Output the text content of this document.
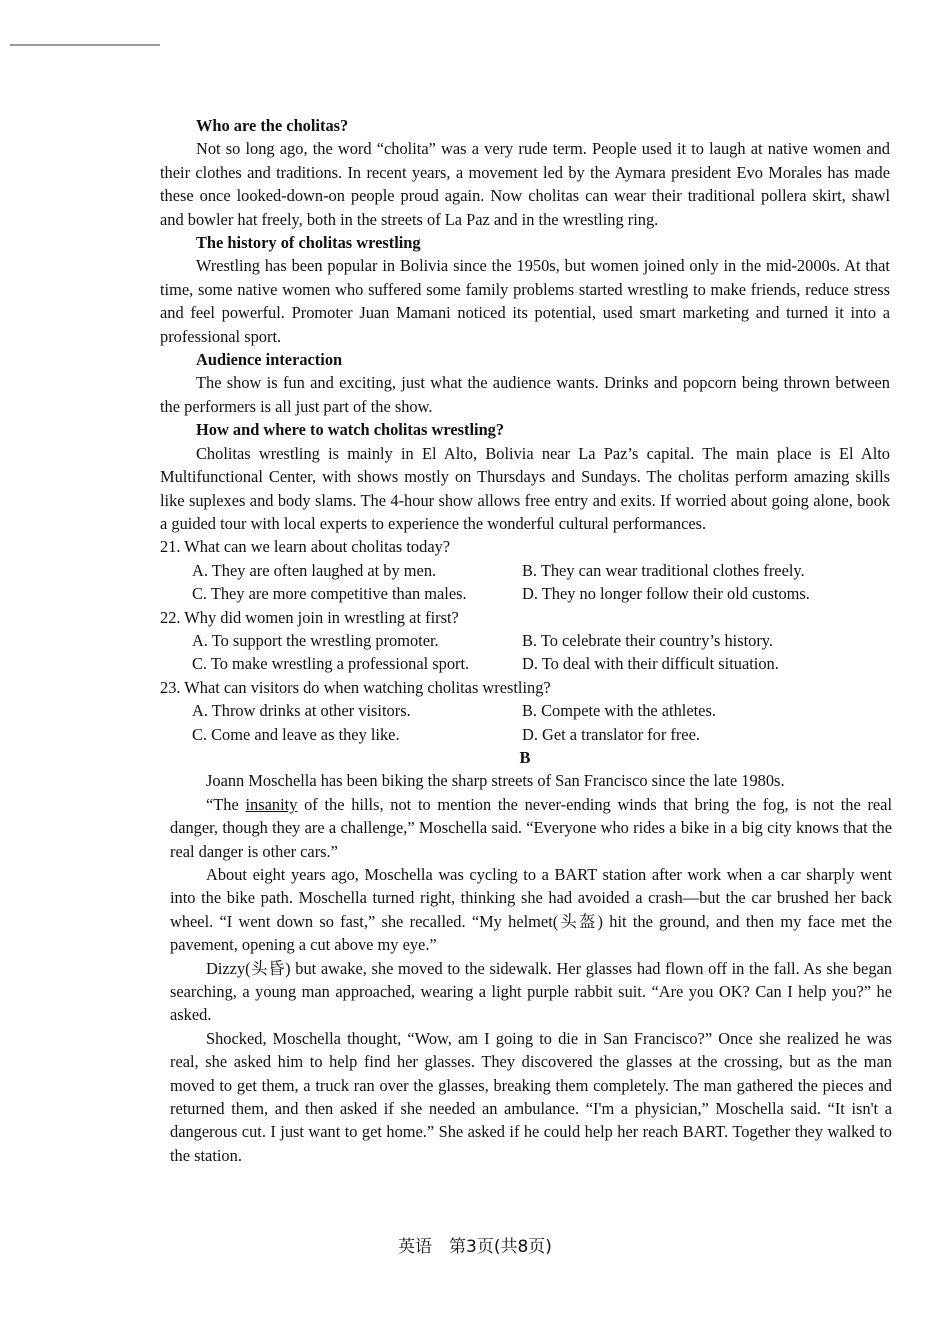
Who are the cholitas?

Not so long ago, the word “cholita” was a very rude term. People used it to laugh at native women and their clothes and traditions. In recent years, a movement led by the Aymara president Evo Morales has made these once looked-down-on people proud again. Now cholitas can wear their traditional pollera skirt, shawl and bowler hat freely, both in the streets of La Paz and in the wrestling ring.

The history of cholitas wrestling

Wrestling has been popular in Bolivia since the 1950s, but women joined only in the mid-2000s. At that time, some native women who suffered some family problems started wrestling to make friends, reduce stress and feel powerful. Promoter Juan Mamani noticed its potential, used smart marketing and turned it into a professional sport.

Audience interaction

The show is fun and exciting, just what the audience wants. Drinks and popcorn being thrown between the performers is all just part of the show.

How and where to watch cholitas wrestling?

Cholitas wrestling is mainly in El Alto, Bolivia near La Paz’s capital. The main place is El Alto Multifunctional Center, with shows mostly on Thursdays and Sundays. The cholitas perform amazing skills like suplexes and body slams. The 4-hour show allows free entry and exits. If worried about going alone, book a guided tour with local experts to experience the wonderful cultural performances.

21. What can we learn about cholitas today?

A. They are often laughed at by men.	B. They can wear traditional clothes freely.

C. They are more competitive than males.	D. They no longer follow their old customs.

22. Why did women join in wrestling at first?

A. To support the wrestling promoter.	B. To celebrate their country’s history.

C. To make wrestling a professional sport.	D. To deal with their difficult situation.

23. What can visitors do when watching cholitas wrestling?

A. Throw drinks at other visitors.	B. Compete with the athletes.

C. Come and leave as they like.	D. Get a translator for free.

B

Joann Moschella has been biking the sharp streets of San Francisco since the late 1980s.

“The insanity of the hills, not to mention the never-ending winds that bring the fog, is not the real danger, though they are a challenge,” Moschella said. “Everyone who rides a bike in a big city knows that the real danger is other cars.”

About eight years ago, Moschella was cycling to a BART station after work when a car sharply went into the bike path. Moschella turned right, thinking she had avoided a crash—but the car brushed her back wheel. “I went down so fast,” she recalled. “My helmet(头盔) hit the ground, and then my face met the pavement, opening a cut above my eye.”

Dizzy(头昏) but awake, she moved to the sidewalk. Her glasses had flown off in the fall. As she began searching, a young man approached, wearing a light purple rabbit suit. “Are you OK? Can I help you?” he asked.

Shocked, Moschella thought, “Wow, am I going to die in San Francisco?” Once she realized he was real, she asked him to help find her glasses. They discovered the glasses at the crossing, but as the man moved to get them, a truck ran over the glasses, breaking them completely. The man gathered the pieces and returned them, and then asked if she needed an ambulance. “I'm a physician,” Moschella said. “It isn't a dangerous cut. I just want to get home.” She asked if he could help her reach BART. Together they walked to the station.

英语　第3页(共8页)
